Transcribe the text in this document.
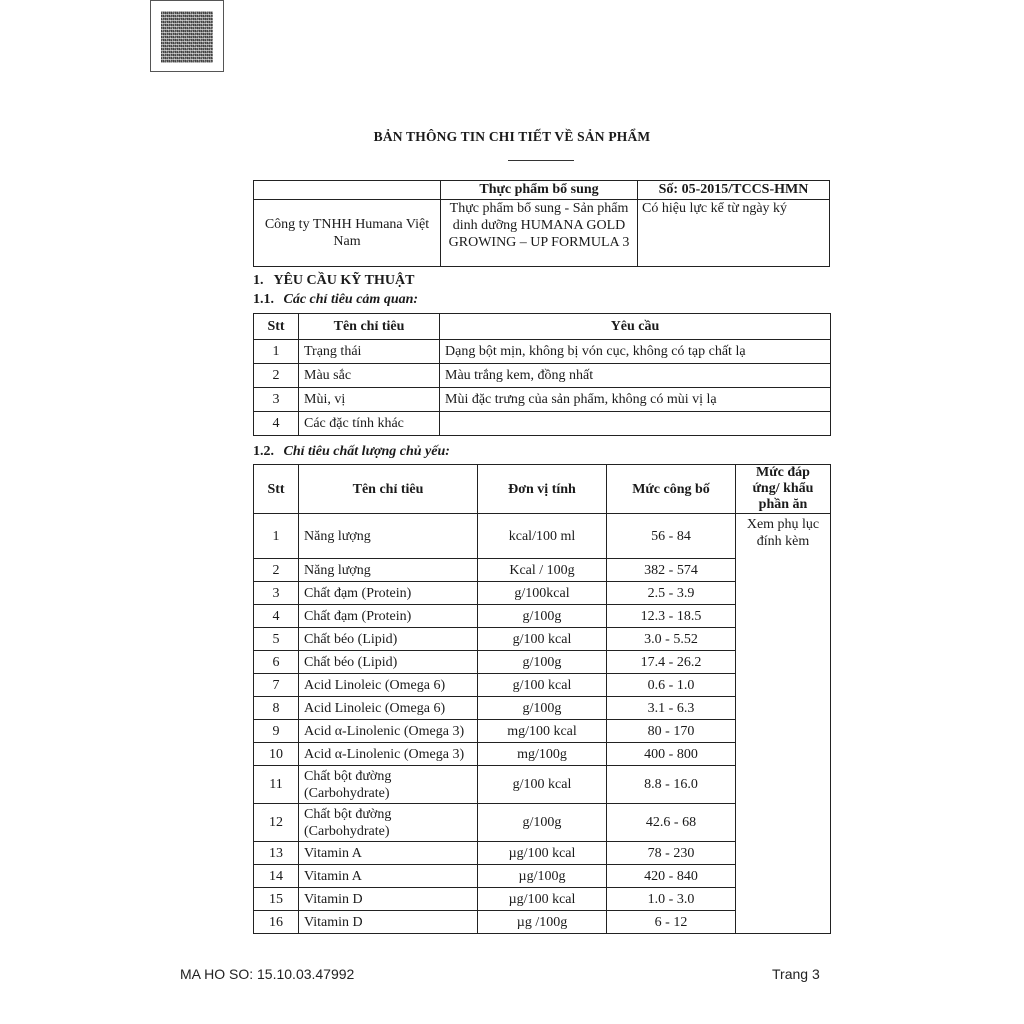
BẢN THÔNG TIN CHI TIẾT VỀ SẢN PHẨM
	Thực phẩm bổ sung	Số: 05-2015/TCCS-HMN
Công ty TNHH Humana Việt Nam	Thực phẩm bổ sung - Sản phẩm dinh dưỡng HUMANA GOLD GROWING – UP FORMULA 3	Có hiệu lực kể từ ngày ký
1.   YÊU CẦU KỸ THUẬT
1.1. Các chỉ tiêu cảm quan:
Stt	Tên chỉ tiêu	Yêu cầu
1	Trạng thái	Dạng bột mịn, không bị vón cục, không có tạp chất lạ
2	Màu sắc	Màu trắng kem, đồng nhất
3	Mùi, vị	Mùi đặc trưng của sản phẩm, không có mùi vị lạ
4	Các đặc tính khác	
1.2. Chỉ tiêu chất lượng chủ yếu:
Stt	Tên chỉ tiêu	Đơn vị tính	Mức công bố	Mức đáp ứng/ khẩu phần ăn
1	Năng lượng	kcal/100 ml	56 - 84	Xem phụ lục đính kèm

2	Năng lượng	Kcal / 100g	382 - 574	
3	Chất đạm (Protein)	g/100kcal	2.5 - 3.9	
4	Chất đạm (Protein)	g/100g	12.3 - 18.5	
5	Chất béo (Lipid)	g/100 kcal	3.0 - 5.52	
6	Chất béo (Lipid)	g/100g	17.4 - 26.2	
7	Acid Linoleic (Omega 6)	g/100 kcal	0.6 - 1.0	
8	Acid Linoleic (Omega 6)	g/100g	3.1 - 6.3	
9	Acid α-Linolenic (Omega 3)	mg/100 kcal	80 - 170	
10	Acid α-Linolenic (Omega 3)	mg/100g	400 - 800	
11	Chất bột đường (Carbohydrate)	g/100 kcal	8.8 - 16.0	
12	Chất bột đường (Carbohydrate)	g/100g	42.6 - 68	
13	Vitamin A	µg/100 kcal	78 - 230	
14	Vitamin A	µg/100g	420 - 840	
15	Vitamin D	µg/100 kcal	1.0 - 3.0	
16	Vitamin D	µg /100g	6 - 12	
MA HO SO: 15.10.03.47992	Trang 3
